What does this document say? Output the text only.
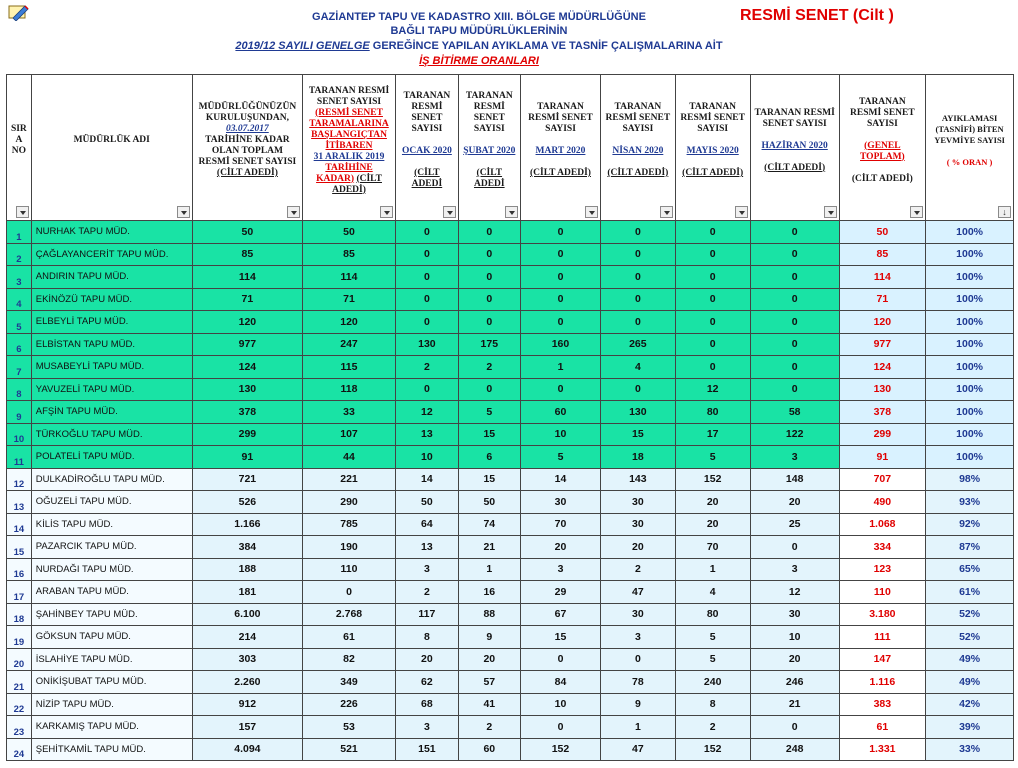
GAZİANTEP TAPU VE KADASTRO XIII. BÖLGE MÜDÜRLÜĞÜNE
BAĞLI TAPU MÜDÜRLÜKLERİNİN
2019/12 SAYILI GENELGE GEREĞİNCE YAPILAN AYIKLAMA VE TASNİF ÇALIŞMALARINA AİT
İŞ BİTİRME ORANLARI
RESMİ SENET (Cilt )
SIR A NO	MÜDÜRLÜK ADI	MÜDÜRLÜĞÜNÜZÜN KURULUŞUNDAN,
03.07.2017
TARİHİNE KADAR OLAN TOPLAM RESMİ SENET SAYISI
(CİLT ADEDİ)	TARANAN RESMİ SENET SAYISI
(RESMİ SENET TARAMALARINA BAŞLANGIÇTAN İTİBAREN
31 ARALIK 2019
TARİHİNE KADAR) (CİLT ADEDİ)	TARANAN RESMİ SENET SAYISI

OCAK 2020

(CİLT ADEDİ	TARANAN RESMİ SENET SAYISI

ŞUBAT 2020

(CİLT ADEDİ	TARANAN RESMİ SENET SAYISI

MART 2020

(CİLT ADEDİ)	TARANAN RESMİ SENET SAYISI

NİSAN 2020

(CİLT ADEDİ)	TARANAN RESMİ SENET SAYISI

MAYIS 2020

(CİLT ADEDİ)	TARANAN RESMİ SENET SAYISI

HAZİRAN 2020

(CİLT ADEDİ)	TARANAN RESMİ SENET SAYISI

(GENEL TOPLAM)

(CİLT ADEDİ)	AYIKLAMASI (TASNİFİ) BİTEN YEVMİYE SAYISI

( % ORAN )
↓

1	NURHAK TAPU MÜD.	50	50	0	0	0	0	0	0	50	100%
2	ÇAĞLAYANCERİT TAPU MÜD.	85	85	0	0	0	0	0	0	85	100%
3	ANDIRIN TAPU MÜD.	114	114	0	0	0	0	0	0	114	100%
4	EKİNÖZÜ TAPU MÜD.	71	71	0	0	0	0	0	0	71	100%
5	ELBEYLİ TAPU MÜD.	120	120	0	0	0	0	0	0	120	100%
6	ELBİSTAN TAPU MÜD.	977	247	130	175	160	265	0	0	977	100%
7	MUSABEYLİ TAPU MÜD.	124	115	2	2	1	4	0	0	124	100%
8	YAVUZELİ TAPU MÜD.	130	118	0	0	0	0	12	0	130	100%
9	AFŞİN TAPU MÜD.	378	33	12	5	60	130	80	58	378	100%
10	TÜRKOĞLU TAPU MÜD.	299	107	13	15	10	15	17	122	299	100%
11	POLATELİ TAPU MÜD.	91	44	10	6	5	18	5	3	91	100%
12	DULKADİROĞLU TAPU MÜD.	721	221	14	15	14	143	152	148	707	98%
13	OĞUZELİ TAPU MÜD.	526	290	50	50	30	30	20	20	490	93%
14	KİLİS TAPU MÜD.	1.166	785	64	74	70	30	20	25	1.068	92%
15	PAZARCIK TAPU MÜD.	384	190	13	21	20	20	70	0	334	87%
16	NURDAĞI TAPU MÜD.	188	110	3	1	3	2	1	3	123	65%
17	ARABAN TAPU MÜD.	181	0	2	16	29	47	4	12	110	61%
18	ŞAHİNBEY TAPU MÜD.	6.100	2.768	117	88	67	30	80	30	3.180	52%
19	GÖKSUN TAPU MÜD.	214	61	8	9	15	3	5	10	111	52%
20	İSLAHİYE TAPU MÜD.	303	82	20	20	0	0	5	20	147	49%
21	ONİKİŞUBAT TAPU MÜD.	2.260	349	62	57	84	78	240	246	1.116	49%
22	NİZİP TAPU MÜD.	912	226	68	41	10	9	8	21	383	42%
23	KARKAMIŞ TAPU MÜD.	157	53	3	2	0	1	2	0	61	39%
24	ŞEHİTKAMİL TAPU MÜD.	4.094	521	151	60	152	47	152	248	1.331	33%
